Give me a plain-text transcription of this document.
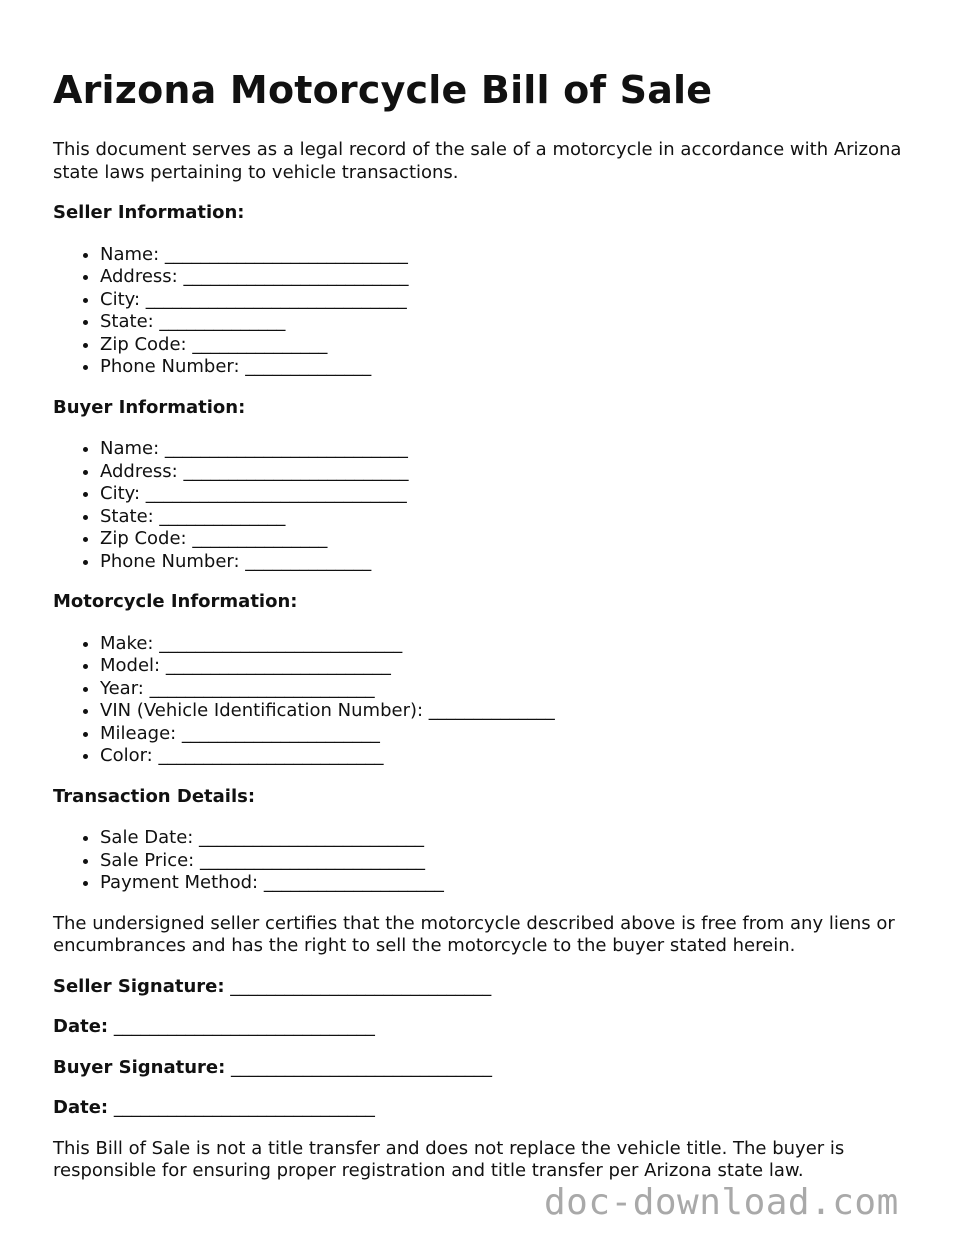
Arizona Motorcycle Bill of Sale

This document serves as a legal record of the sale of a motorcycle in accordance with Arizona state laws pertaining to vehicle transactions.

Seller Information:
• Name: ___________________________
• Address: _________________________
• City: _____________________________
• State: ______________
• Zip Code: _______________
• Phone Number: ______________
Buyer Information:
• Name: ___________________________
• Address: _________________________
• City: _____________________________
• State: ______________
• Zip Code: _______________
• Phone Number: ______________
Motorcycle Information:
• Make: ___________________________
• Model: _________________________
• Year: _________________________
• VIN (Vehicle Identification Number): ______________
• Mileage: ______________________
• Color: _________________________
Transaction Details:
• Sale Date: _________________________
• Sale Price: _________________________
• Payment Method: ____________________

The undersigned seller certifies that the motorcycle described above is free from any liens or encumbrances and has the right to sell the motorcycle to the buyer stated herein.

Seller Signature: _____________________________
Date: _____________________________
Buyer Signature: _____________________________
Date: _____________________________

This Bill of Sale is not a title transfer and does not replace the vehicle title. The buyer is responsible for ensuring proper registration and title transfer per Arizona state law.

doc-download.com
